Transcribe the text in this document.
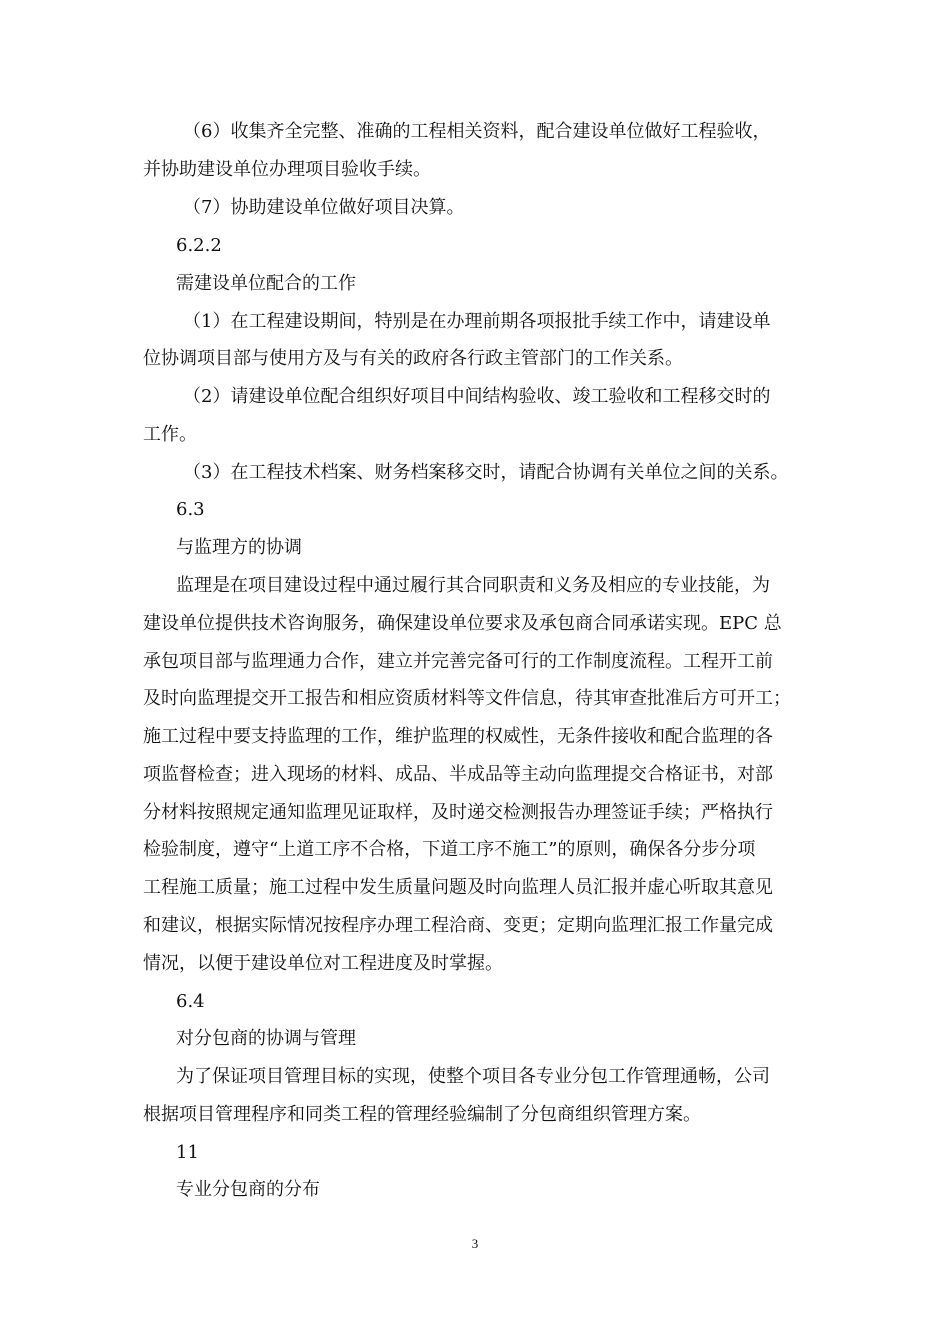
（6）收集齐全完整、准确的工程相关资料，配合建设单位做好工程验收，
并协助建设单位办理项目验收手续。
（7）协助建设单位做好项目决算。
6.2.2
需建设单位配合的工作
（1）在工程建设期间，特别是在办理前期各项报批手续工作中，请建设单
位协调项目部与使用方及与有关的政府各行政主管部门的工作关系。
（2）请建设单位配合组织好项目中间结构验收、竣工验收和工程移交时的
工作。
（3）在工程技术档案、财务档案移交时，请配合协调有关单位之间的关系。
6.3
与监理方的协调
监理是在项目建设过程中通过履行其合同职责和义务及相应的专业技能，为
建设单位提供技术咨询服务，确保建设单位要求及承包商合同承诺实现。EPC 总
承包项目部与监理通力合作，建立并完善完备可行的工作制度流程。工程开工前
及时向监理提交开工报告和相应资质材料等文件信息，待其审查批准后方可开工；
施工过程中要支持监理的工作，维护监理的权威性，无条件接收和配合监理的各
项监督检查；进入现场的材料、成品、半成品等主动向监理提交合格证书，对部
分材料按照规定通知监理见证取样，及时递交检测报告办理签证手续；严格执行
检验制度，遵守“上道工序不合格，下道工序不施工”的原则，确保各分步分项
工程施工质量；施工过程中发生质量问题及时向监理人员汇报并虚心听取其意见
和建议，根据实际情况按程序办理工程洽商、变更；定期向监理汇报工作量完成
情况，以便于建设单位对工程进度及时掌握。
6.4
对分包商的协调与管理
为了保证项目管理目标的实现，使整个项目各专业分包工作管理通畅，公司
根据项目管理程序和同类工程的管理经验编制了分包商组织管理方案。
11
专业分包商的分布
3
